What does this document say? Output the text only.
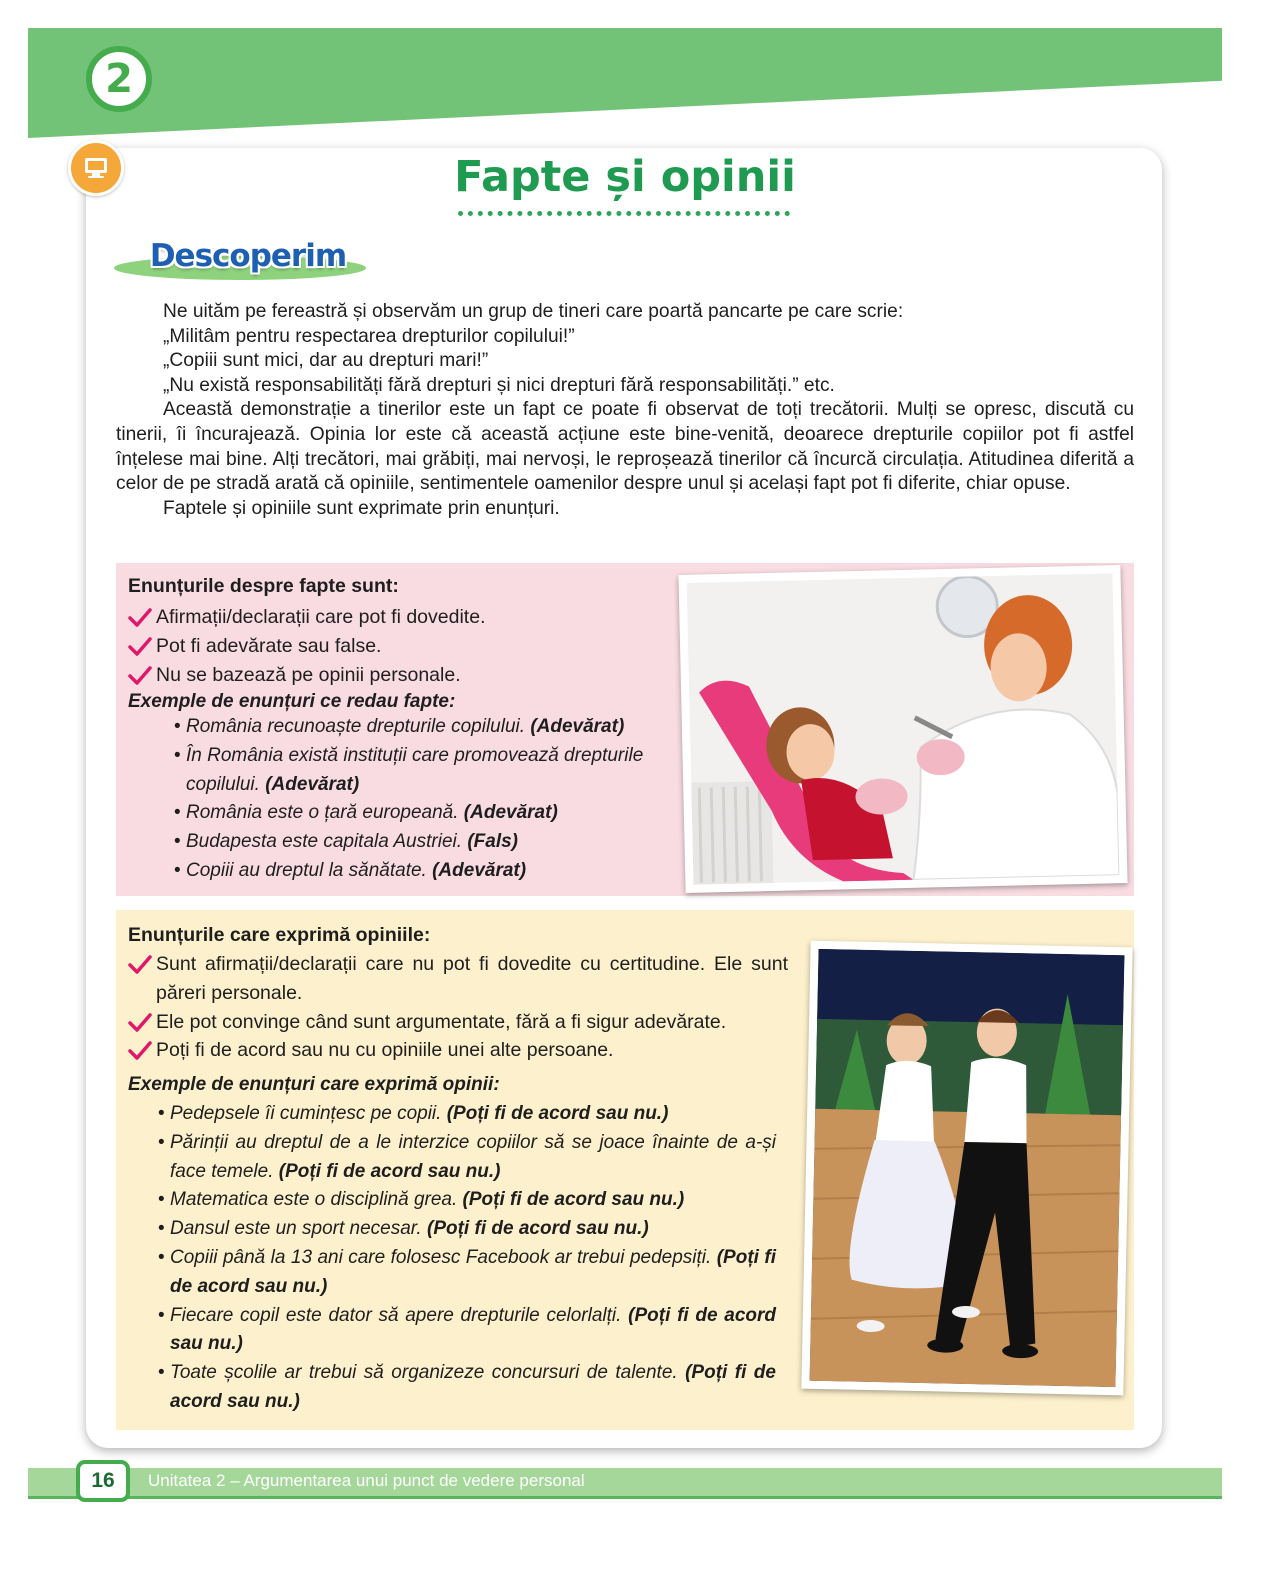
2
Fapte și opinii
Descoperim

Ne uităm pe fereastră și observăm un grup de tineri care poartă pancarte pe care scrie:

„Militâm pentru respectarea drepturilor copilului!”

„Copiii sunt mici, dar au drepturi mari!”

„Nu există responsabilități fără drepturi și nici drepturi fără responsabilități.” etc.

Această demonstrație a tinerilor este un fapt ce poate fi observat de toți trecătorii. Mulți se opresc, discută cu tinerii, îi încurajează. Opinia lor este că această acțiune este bine-venită, deoarece drepturile copiilor pot fi astfel înțelese mai bine. Alți trecători, mai grăbiți, mai nervoși, le reproșează tinerilor că încurcă circulația. Atitudinea diferită a celor de pe stradă arată că opiniile, sentimentele oamenilor despre unul și același fapt pot fi diferite, chiar opuse.

Faptele și opiniile sunt exprimate prin enunțuri.

Enunțurile despre fapte sunt:
Afirmații/declarații care pot fi dovedite.
Pot fi adevărate sau false.
Nu se bazează pe opinii personale.
Exemple de enunțuri ce redau fapte:
• România recunoaște drepturile copilului. (Adevărat)
• În România există instituții care promovează drepturile copilului. (Adevărat)
• România este o țară europeană. (Adevărat)
• Budapesta este capitala Austriei. (Fals)
• Copiii au dreptul la sănătate. (Adevărat)
Enunțurile care exprimă opiniile:
Sunt afirmații/declarații care nu pot fi dovedite cu certitudine. Ele sunt păreri personale.
Ele pot convinge când sunt argumentate, fără a fi sigur adevărate.
Poți fi de acord sau nu cu opiniile unei alte persoane.
Exemple de enunțuri care exprimă opinii:
• Pedepsele îi cumințesc pe copii. (Poți fi de acord sau nu.)
• Părinții au dreptul de a le interzice copiilor să se joace înainte de a-și face temele. (Poți fi de acord sau nu.)
• Matematica este o disciplină grea. (Poți fi de acord sau nu.)
• Dansul este un sport necesar. (Poți fi de acord sau nu.)
• Copiii până la 13 ani care folosesc Facebook ar trebui pedepsiți. (Poți fi de acord sau nu.)
• Fiecare copil este dator să apere drepturile celorlalți. (Poți fi de acord sau nu.)
• Toate școlile ar trebui să organizeze concursuri de talente. (Poți fi de acord sau nu.)
16	Unitatea 2 – Argumentarea unui punct de vedere personal
